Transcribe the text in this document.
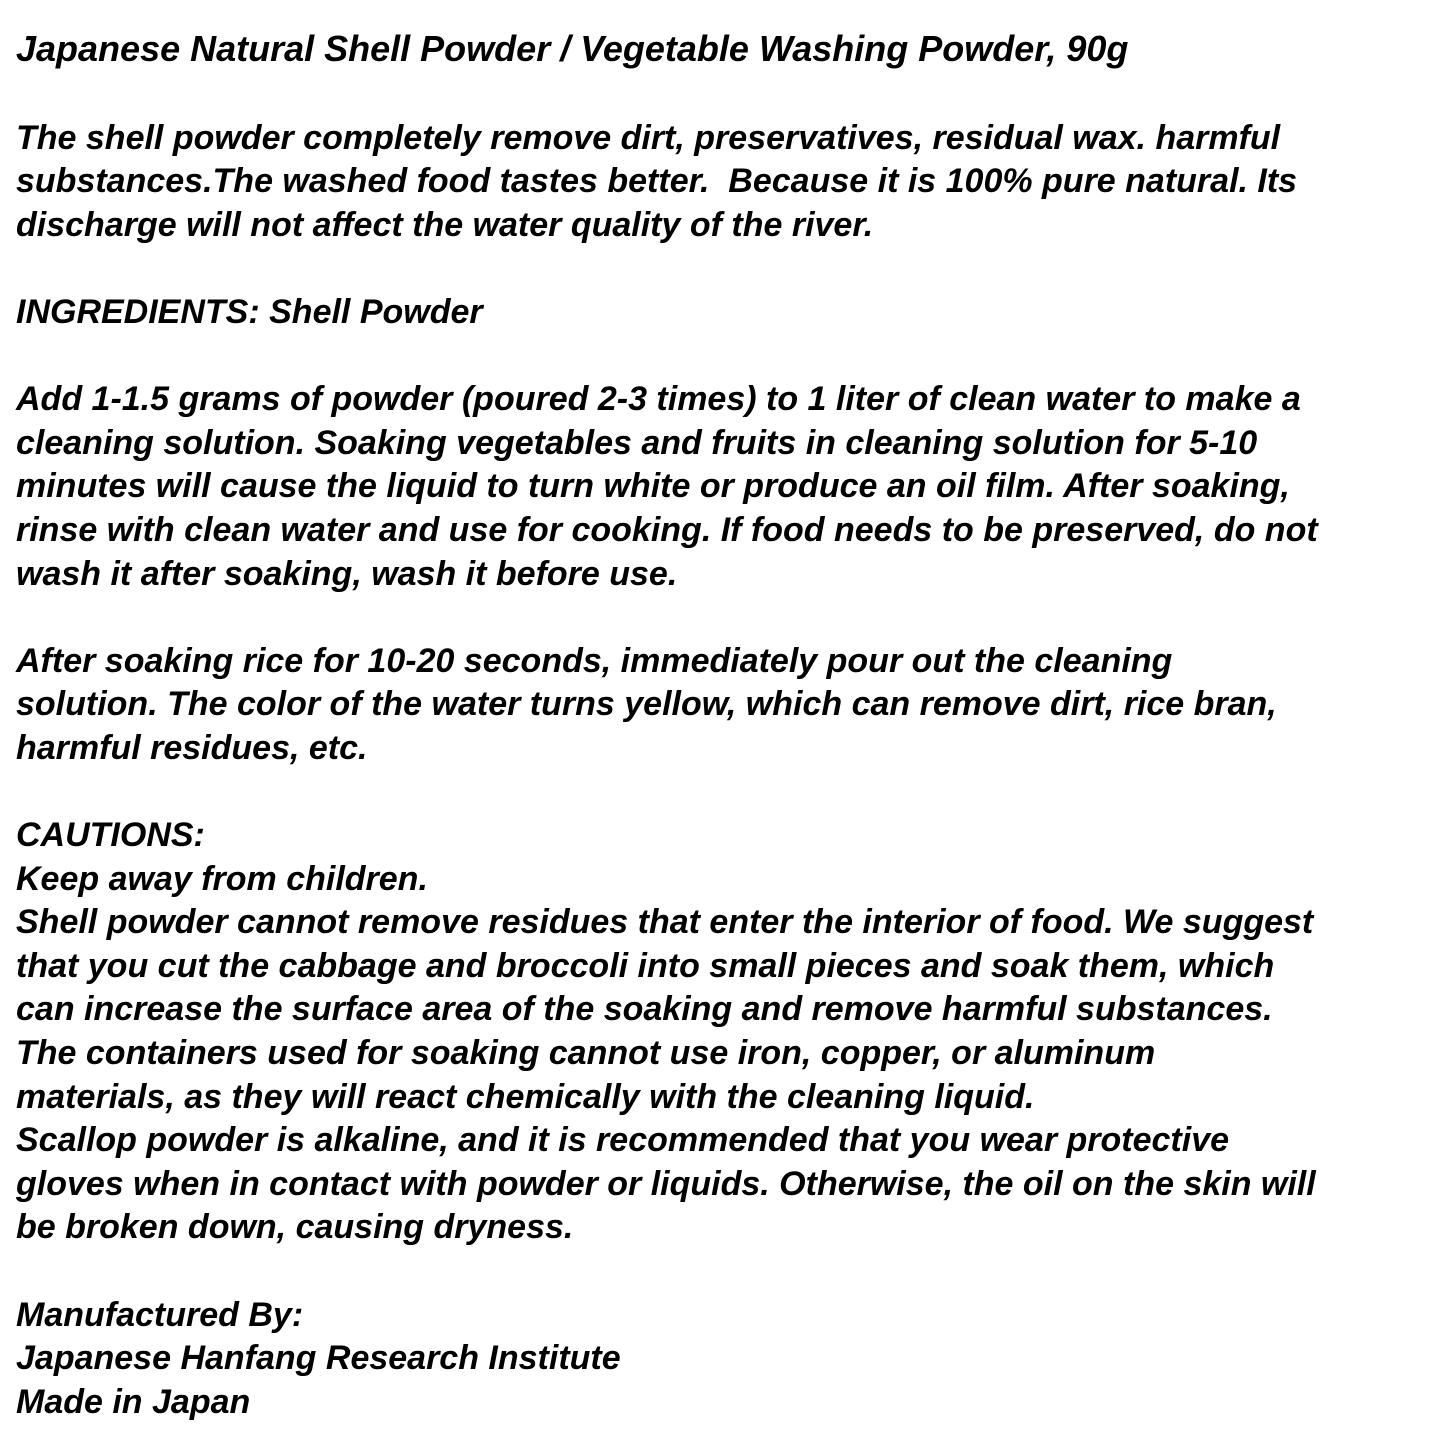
Japanese Natural Shell Powder / Vegetable Washing Powder, 90g
The shell powder completely remove dirt, preservatives, residual wax. harmful
substances.The washed food tastes better.  Because it is 100% pure natural. Its
discharge will not affect the water quality of the river.
INGREDIENTS: Shell Powder
Add 1-1.5 grams of powder (poured 2-3 times) to 1 liter of clean water to make a
cleaning solution. Soaking vegetables and fruits in cleaning solution for 5-10
minutes will cause the liquid to turn white or produce an oil film. After soaking,
rinse with clean water and use for cooking. If food needs to be preserved, do not
wash it after soaking, wash it before use.
After soaking rice for 10-20 seconds, immediately pour out the cleaning
solution. The color of the water turns yellow, which can remove dirt, rice bran,
harmful residues, etc.
CAUTIONS:
Keep away from children.
Shell powder cannot remove residues that enter the interior of food. We suggest
that you cut the cabbage and broccoli into small pieces and soak them, which
can increase the surface area of the soaking and remove harmful substances.
The containers used for soaking cannot use iron, copper, or aluminum
materials, as they will react chemically with the cleaning liquid.
Scallop powder is alkaline, and it is recommended that you wear protective
gloves when in contact with powder or liquids. Otherwise, the oil on the skin will
be broken down, causing dryness.
Manufactured By:
Japanese Hanfang Research Institute
Made in Japan
